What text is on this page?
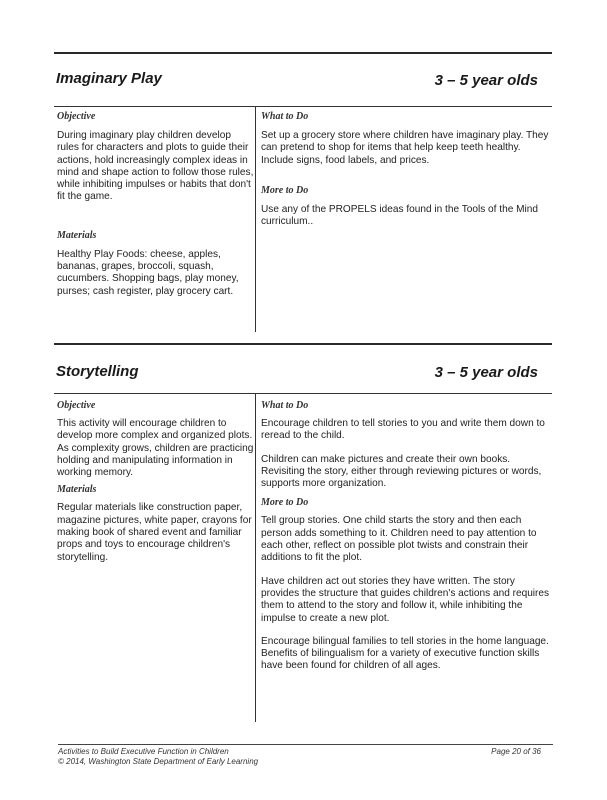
Imaginary Play	3 – 5 year olds

Objective

During imaginary play children develop rules for characters and plots to guide their actions, hold increasingly complex ideas in mind and shape action to follow those rules, while inhibiting impulses or habits that don't fit the game.

Materials

Healthy Play Foods: cheese, apples, bananas, grapes, broccoli, squash, cucumbers. Shopping bags, play money, purses; cash register, play grocery cart.

What to Do

Set up a grocery store where children have imaginary play. They can pretend to shop for items that help keep teeth healthy. Include signs, food labels, and prices.

More to Do

Use any of the PROPELS ideas found in the Tools of the Mind curriculum..

Storytelling	3 – 5 year olds

Objective

This activity will encourage children to develop more complex and organized plots. As complexity grows, children are practicing holding and manipulating information in working memory.

Materials

Regular materials like construction paper, magazine pictures, white paper, crayons for making book of shared event and familiar props and toys to encourage children's storytelling.

What to Do

Encourage children to tell stories to you and write them down to reread to the child.

Children can make pictures and create their own books. Revisiting the story, either through reviewing pictures or words, supports more organization.

More to Do

Tell group stories. One child starts the story and then each person adds something to it. Children need to pay attention to each other, reflect on possible plot twists and constrain their additions to fit the plot.

Have children act out stories they have written. The story provides the structure that guides children's actions and requires them to attend to the story and follow it, while inhibiting the impulse to create a new plot.

Encourage bilingual families to tell stories in the home language. Benefits of bilingualism for a variety of executive function skills have been found for children of all ages.

Activities to Build Executive Function in Children
© 2014, Washington State Department of Early Learning
Page 20 of 36
